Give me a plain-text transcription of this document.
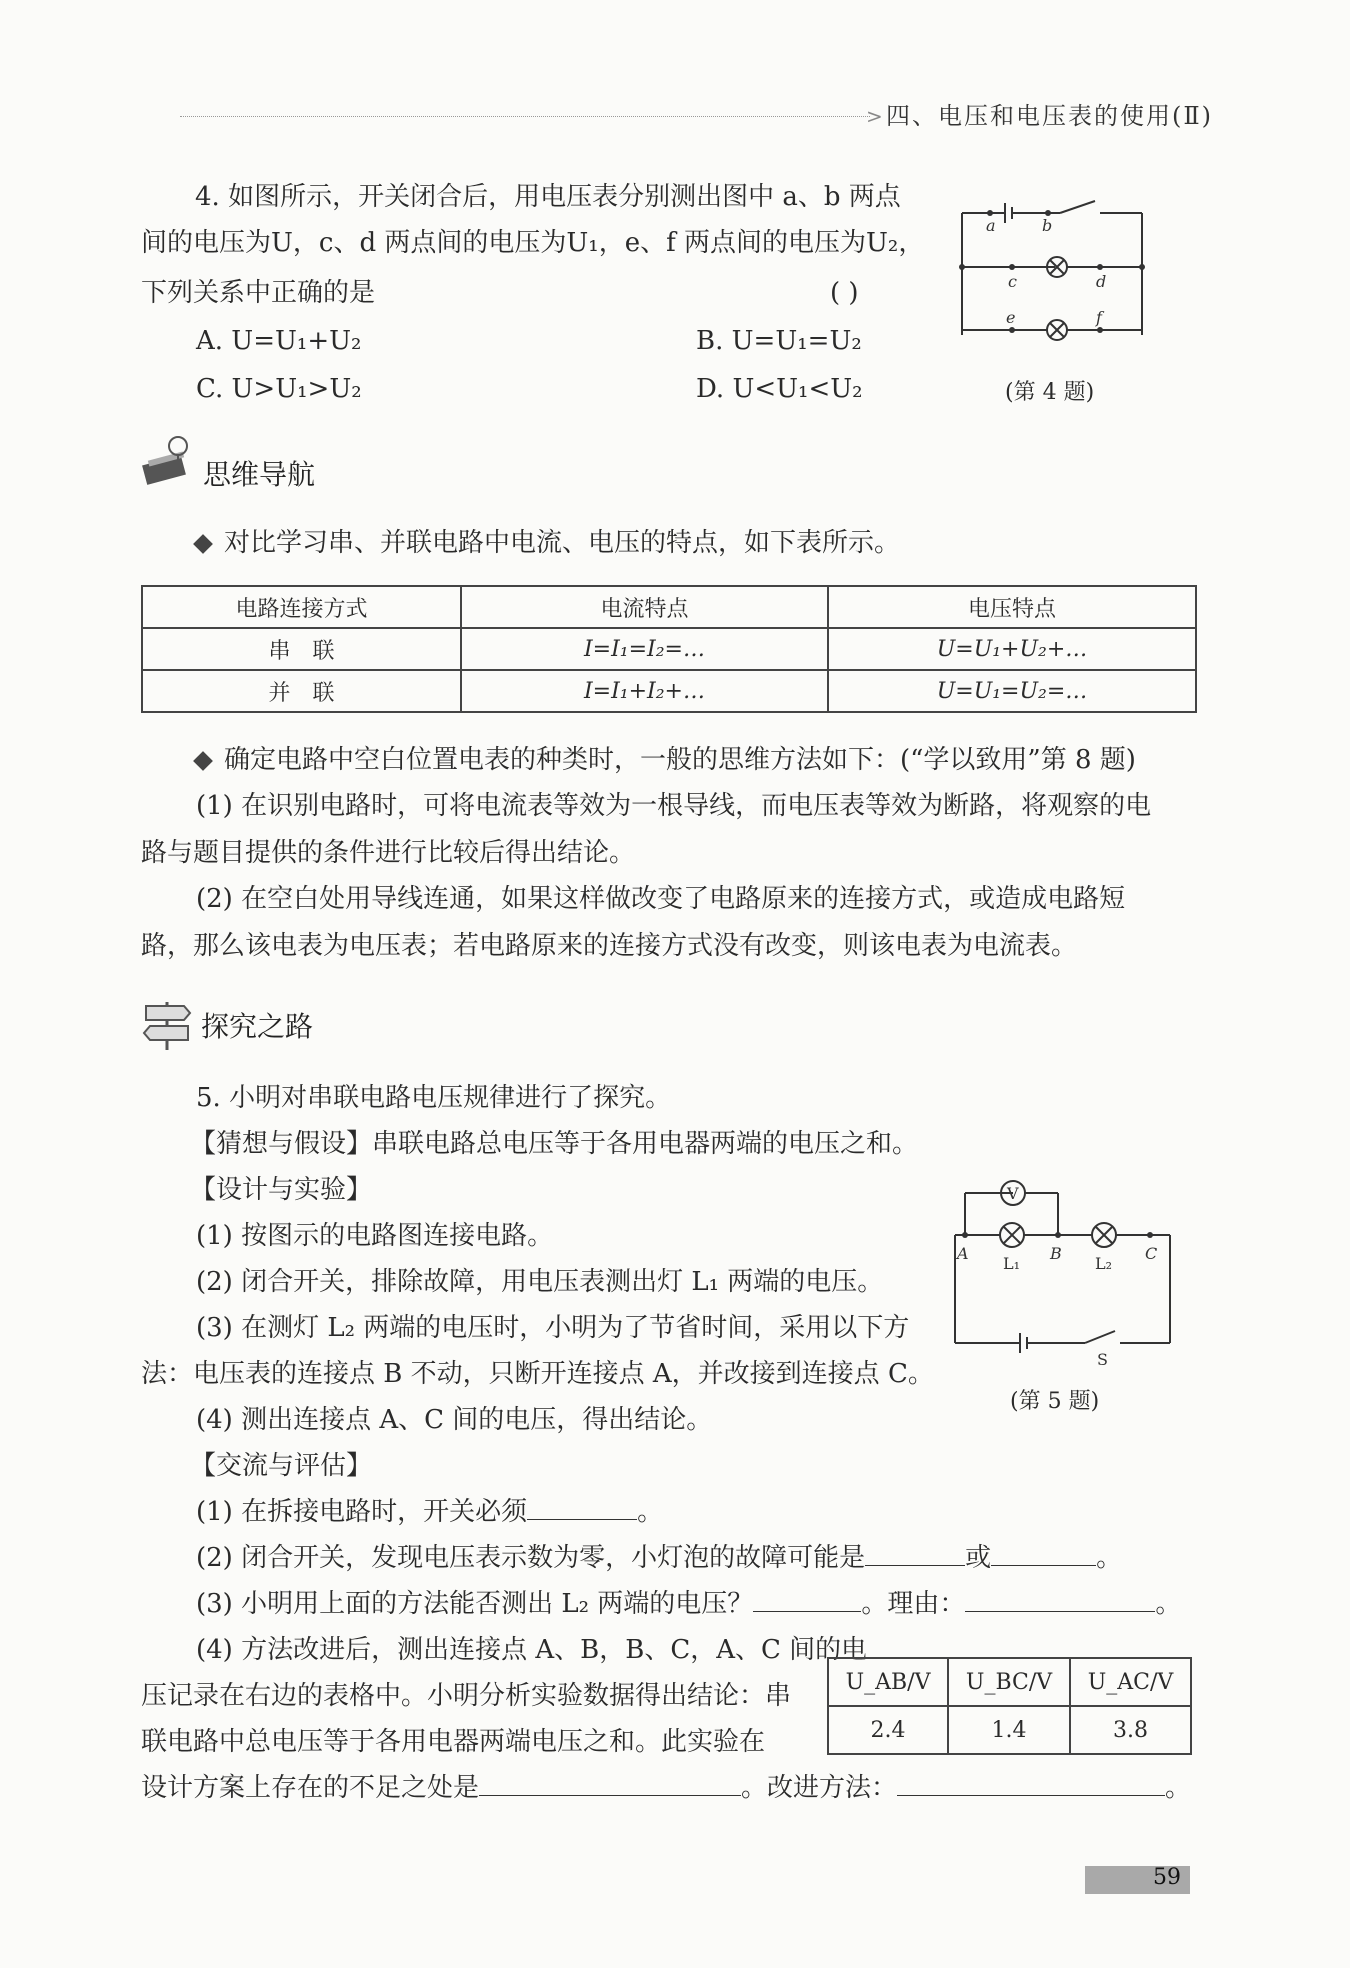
> 四、电压和电压表的使用(Ⅱ)
4. 如图所示，开关闭合后，用电压表分别测出图中 a、b 两点
间的电压为U，c、d 两点间的电压为U₁，e、f 两点间的电压为U₂，
下列关系中正确的是	( )
A. U=U₁+U₂	B. U=U₁=U₂
C. U>U₁>U₂	D. U<U₁<U₂
a	b
c	d
e	f
(第 4 题)
思维导航
对比学习串、并联电路中电流、电压的特点，如下表所示。
电路连接方式	电流特点	电压特点
串　联	I=I₁=I₂=…	U=U₁+U₂+…
并　联	I=I₁+I₂+…	U=U₁=U₂=…
确定电路中空白位置电表的种类时，一般的思维方法如下：(“学以致用”第 8 题)
(1) 在识别电路时，可将电流表等效为一根导线，而电压表等效为断路，将观察的电
路与题目提供的条件进行比较后得出结论。
(2) 在空白处用导线连通，如果这样做改变了电路原来的连接方式，或造成电路短
路，那么该电表为电压表；若电路原来的连接方式没有改变，则该电表为电流表。
探究之路
5. 小明对串联电路电压规律进行了探究。
【猜想与假设】串联电路总电压等于各用电器两端的电压之和。
【设计与实验】
(1) 按图示的电路图连接电路。
(2) 闭合开关，排除故障，用电压表测出灯 L₁ 两端的电压。
(3) 在测灯 L₂ 两端的电压时，小明为了节省时间，采用以下方
法：电压表的连接点 B 不动，只断开连接点 A，并改接到连接点 C。
(4) 测出连接点 A、C 间的电压，得出结论。
【交流与评估】
V
A	B	C
L₁	L₂
S
(第 5 题)
(1) 在拆接电路时，开关必须	。
(2) 闭合开关，发现电压表示数为零，小灯泡的故障可能是	或	。
(3) 小明用上面的方法能否测出 L₂ 两端的电压？	。理由：	。
(4) 方法改进后，测出连接点 A、B，B、C，A、C 间的电
压记录在右边的表格中。小明分析实验数据得出结论：串
联电路中总电压等于各用电器两端电压之和。此实验在
设计方案上存在的不足之处是	。改进方法：	。
U_AB/V	U_BC/V	U_AC/V
2.4	1.4	3.8
59
